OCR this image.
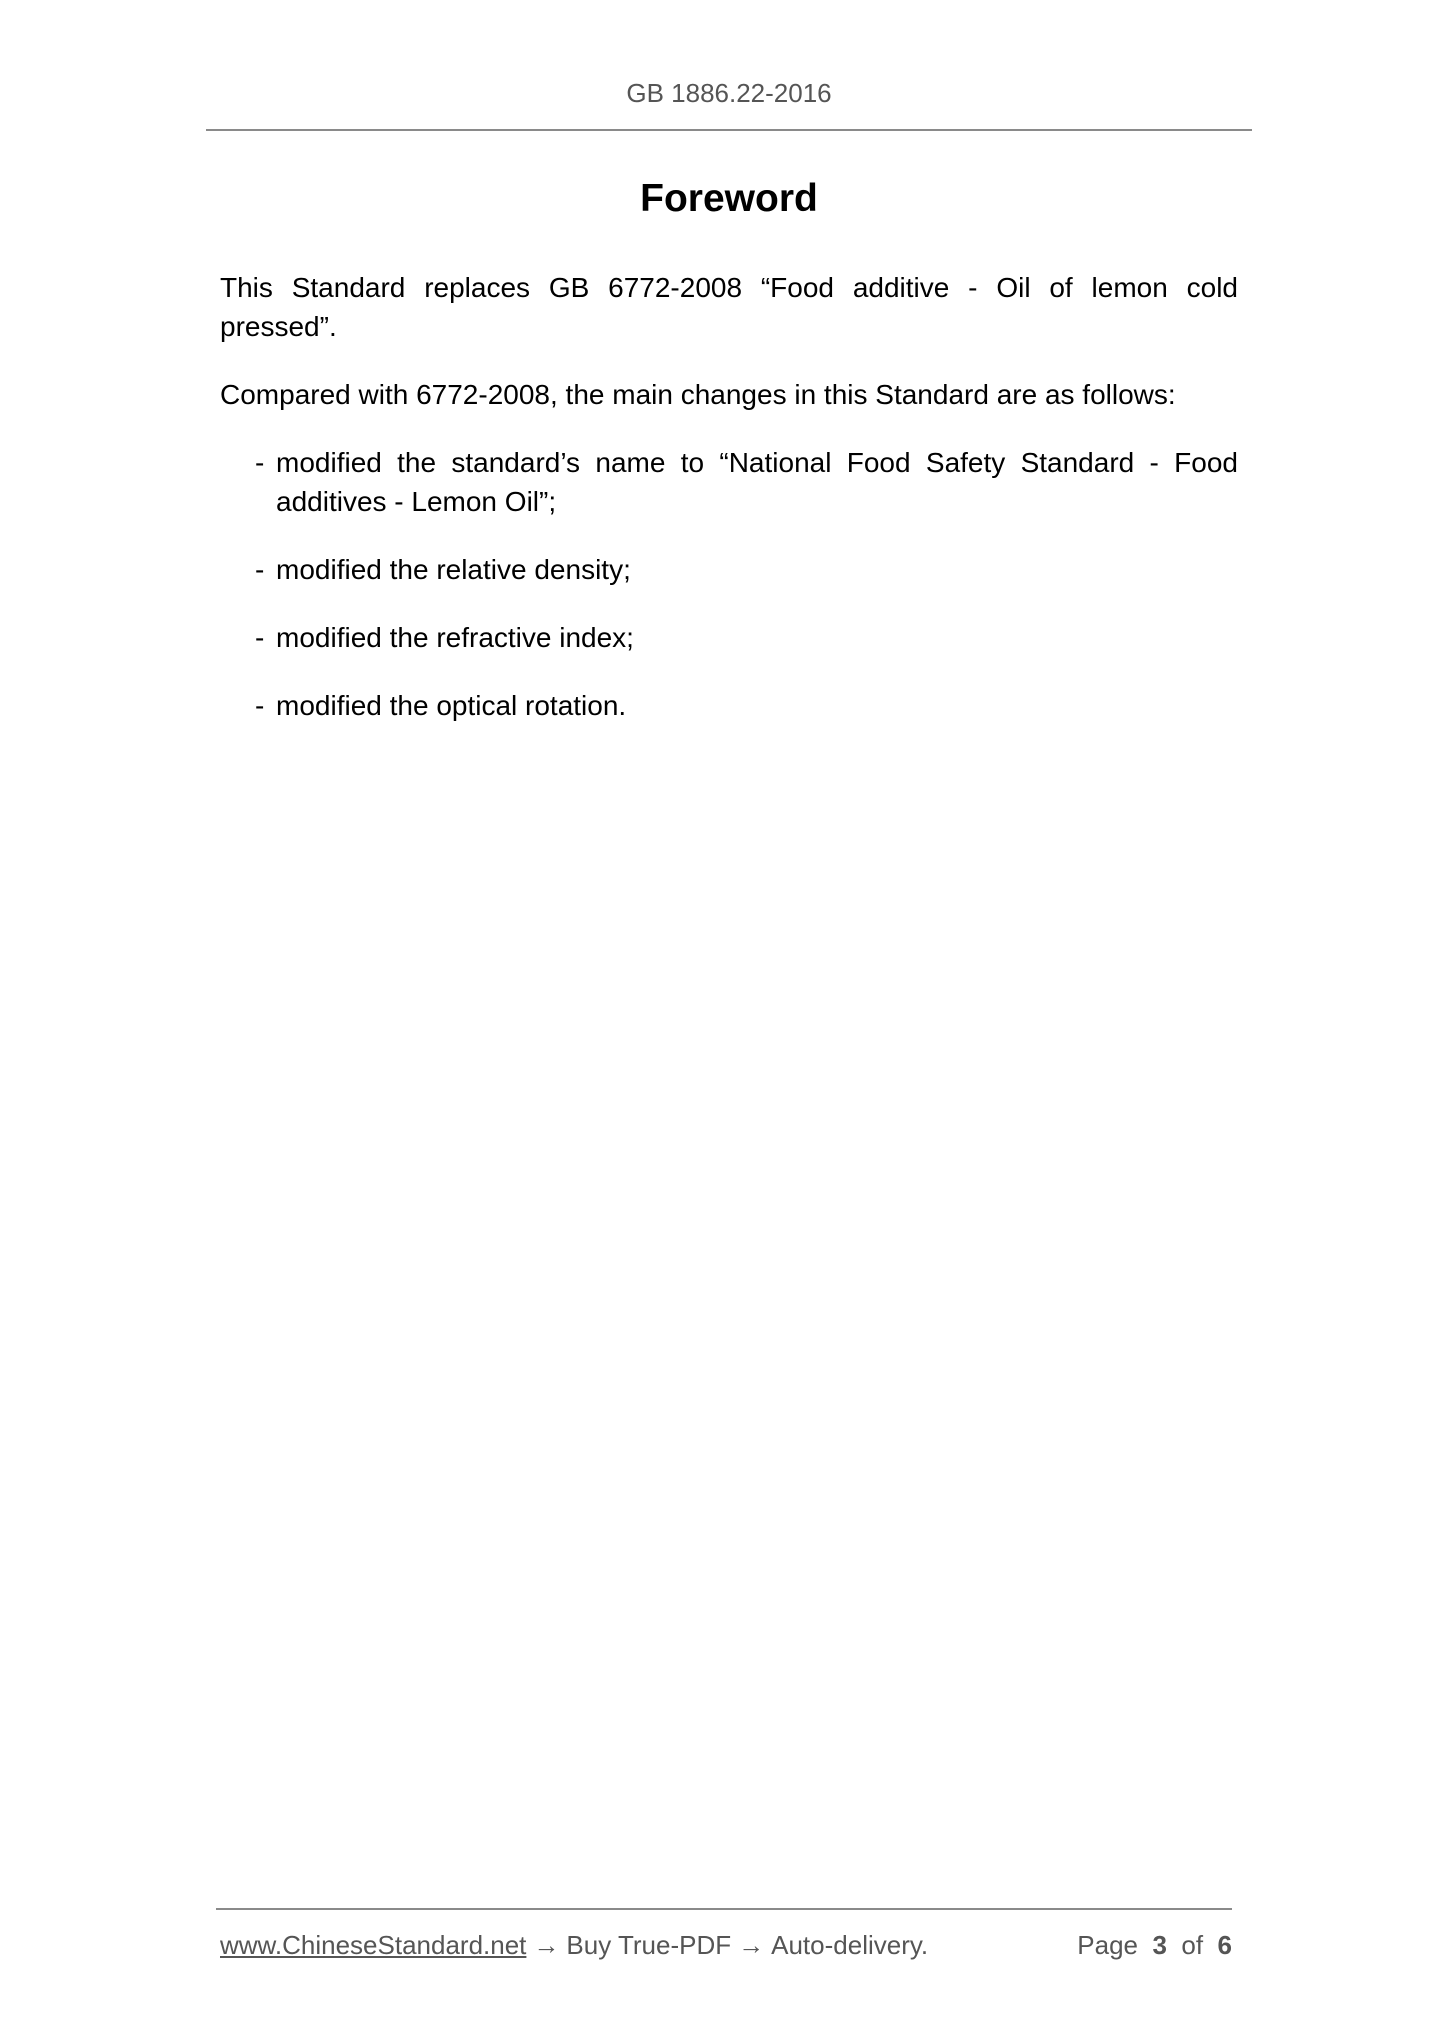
GB 1886.22-2016
Foreword

This Standard replaces GB 6772-2008 “Food additive - Oil of lemon cold pressed”.

Compared with 6772-2008, the main changes in this Standard are as follows:

- modified the standard’s name to “National Food Safety Standard - Food additives - Lemon Oil”;
- modified the relative density;
- modified the refractive index;
- modified the optical rotation.
www.ChineseStandard.net → Buy True-PDF → Auto-delivery.	Page 3 of 6
